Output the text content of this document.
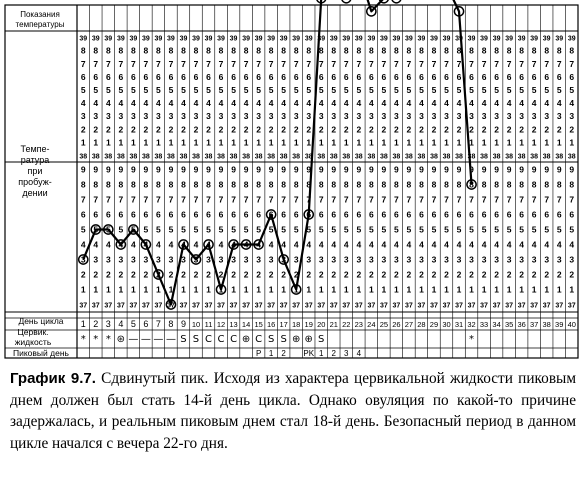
Показания
температуры
Темпе-
ратура
при
пробуж-
дении
День цикла
Цервик.
жидкость
Пиковый день
39
8
7
6
5
4
3
2
1
38
9
8
7
6
5
4
3
2
1
37
39
8
7
6
5
4
3
2
1
38
9
8
7
6
5
4
3
2
1
37
39
8
7
6
5
4
3
2
1
38
9
8
7
6
5
4
3
2
1
37
39
8
7
6
5
4
3
2
1
38
9
8
7
6
5
4
3
2
1
37
39
8
7
6
5
4
3
2
1
38
9
8
7
6
5
4
3
2
1
37
39
8
7
6
5
4
3
2
1
38
9
8
7
6
5
4
3
2
1
37
39
8
7
6
5
4
3
2
1
38
9
8
7
6
5
4
3
2
1
37
39
8
7
6
5
4
3
2
1
38
9
8
7
6
5
4
3
2
1
37
39
8
7
6
5
4
3
2
1
38
9
8
7
6
5
4
3
2
1
37
39
8
7
6
5
4
3
2
1
38
9
8
7
6
5
4
3
2
1
37
39
8
7
6
5
4
3
2
1
38
9
8
7
6
5
4
3
2
1
37
39
8
7
6
5
4
3
2
1
38
9
8
7
6
5
4
3
2
1
37
39
8
7
6
5
4
3
2
1
38
9
8
7
6
5
4
3
2
1
37
39
8
7
6
5
4
3
2
1
38
9
8
7
6
5
4
3
2
1
37
39
8
7
6
5
4
3
2
1
38
9
8
7
6
5
4
3
2
1
37
39
8
7
6
5
4
3
2
1
38
9
8
7
6
5
4
3
2
1
37
39
8
7
6
5
4
3
2
1
38
9
8
7
6
5
4
3
2
1
37
39
8
7
6
5
4
3
2
1
38
9
8
7
6
5
4
3
2
1
37
39
8
7
6
5
4
3
2
1
38
9
8
7
6
5
4
3
2
1
37
39
8
7
6
5
4
3
2
1
38
9
8
7
6
5
4
3
2
1
37
39
8
7
6
5
4
3
2
1
38
9
8
7
6
5
4
3
2
1
37
39
8
7
6
5
4
3
2
1
38
9
8
7
6
5
4
3
2
1
37
39
8
7
6
5
4
3
2
1
38
9
8
7
6
5
4
3
2
1
37
39
8
7
6
5
4
3
2
1
38
9
8
7
6
5
4
3
2
1
37
39
8
7
6
5
4
3
2
1
38
9
8
7
6
5
4
3
2
1
37
39
8
7
6
5
4
3
2
1
38
9
8
7
6
5
4
3
2
1
37
39
8
7
6
5
4
3
2
1
38
9
8
7
6
5
4
3
2
1
37
39
8
7
6
5
4
3
2
1
38
9
8
7
6
5
4
3
2
1
37
39
8
7
6
5
4
3
2
1
38
9
8
7
6
5
4
3
2
1
37
39
8
7
6
5
4
3
2
1
38
9
8
7
6
5
4
3
2
1
37
39
8
7
6
5
4
3
2
1
38
9
8
7
6
5
4
3
2
1
37
39
8
7
6
5
4
3
2
1
38
9
8
7
6
5
4
3
2
1
37
39
8
7
6
5
4
3
2
1
38
9
8
7
6
5
4
3
2
1
37
39
8
7
6
5
4
3
2
1
38
9
8
7
6
5
4
3
2
1
37
39
8
7
6
5
4
3
2
1
38
9
8
7
6
5
4
3
2
1
37
39
8
7
6
5
4
3
2
1
38
9
8
7
6
5
4
3
2
1
37
39
8
7
6
5
4
3
2
1
38
9
8
7
6
5
4
3
2
1
37
39
8
7
6
5
4
3
2
1
38
9
8
7
6
5
4
3
2
1
37
39
8
7
6
5
4
3
2
1
38
9
8
7
6
5
4
3
2
1
37
39
8
7
6
5
4
3
2
1
38
9
8
7
6
5
4
3
2
1
37
1 2 3 4 5 6 7 8 9 10 11 12 13 14 15 16 17 18 19 20 21 22 23 24 25 26 27 28 29 30 31 32 33 34 35 36 37 38 39 40
* * * ⊛ — — — — S S C C C ⊕ C S S ⊕ ⊕ S	*
P 1 2 PK 1 2 3 4
График 9.7. Сдвинутый пик. Исходя из характера цервикальной жидкости пиковым днем должен был стать 14-й день цикла. Однако овуляция по какой-то причине задержалась, и реальным пиковым днем стал 18-й день. Безопасный период в данном цикле начался с вечера 22-го дня.
